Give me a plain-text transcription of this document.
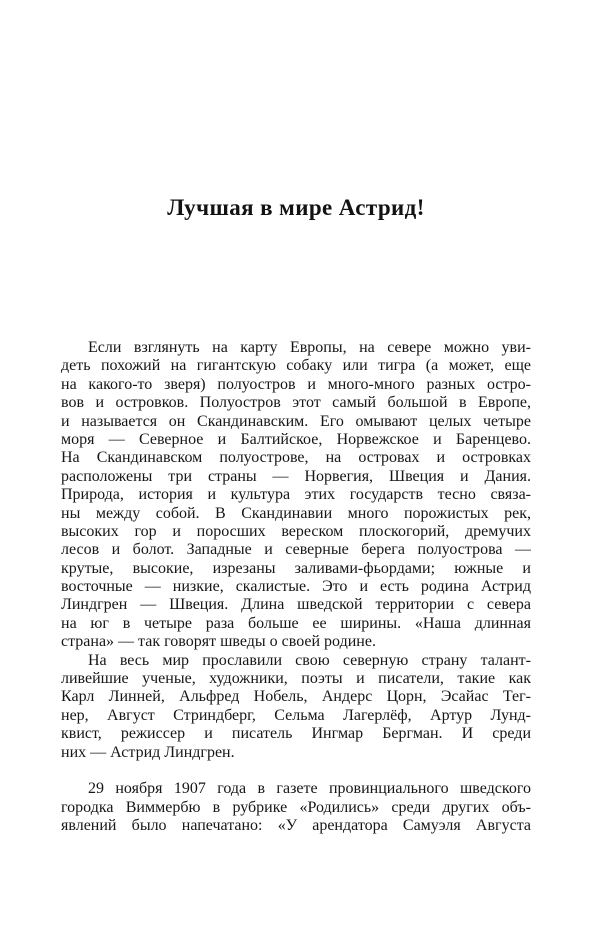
Лучшая в мире Астрид!
Если взглянуть на карту Европы, на севере можно уви-
деть похожий на гигантскую собаку или тигра (а может, еще
на какого-то зверя) полуостров и много-много разных остро-
вов и островков. Полуостров этот самый большой в Европе,
и называется он Скандинавским. Его омывают целых четыре
моря — Северное и Балтийское, Норвежское и Баренцево.
На Скандинавском полуострове, на островах и островках
расположены три страны — Норвегия, Швеция и Дания.
Природа, история и культура этих государств тесно связа-
ны между собой. В Скандинавии много порожистых рек,
высоких гор и поросших вереском плоскогорий, дремучих
лесов и болот. Западные и северные берега полуострова —
крутые, высокие, изрезаны заливами-фьордами; южные и
восточные — низкие, скалистые. Это и есть родина Астрид
Линдгрен — Швеция. Длина шведской территории с севера
на юг в четыре раза больше ее ширины. «Наша длинная
страна» — так говорят шведы о своей родине.
На весь мир прославили свою северную страну талант-
ливейшие ученые, художники, поэты и писатели, такие как
Карл Линней, Альфред Нобель, Андерс Цорн, Эсайас Тег-
нер, Август Стриндберг, Сельма Лагерлёф, Артур Лунд-
квист, режиссер и писатель Ингмар Бергман. И среди
них — Астрид Линдгрен.
29 ноября 1907 года в газете провинциального шведского
городка Виммербю в рубрике «Родились» среди других объ-
явлений было напечатано: «У арендатора Самуэля Августа
